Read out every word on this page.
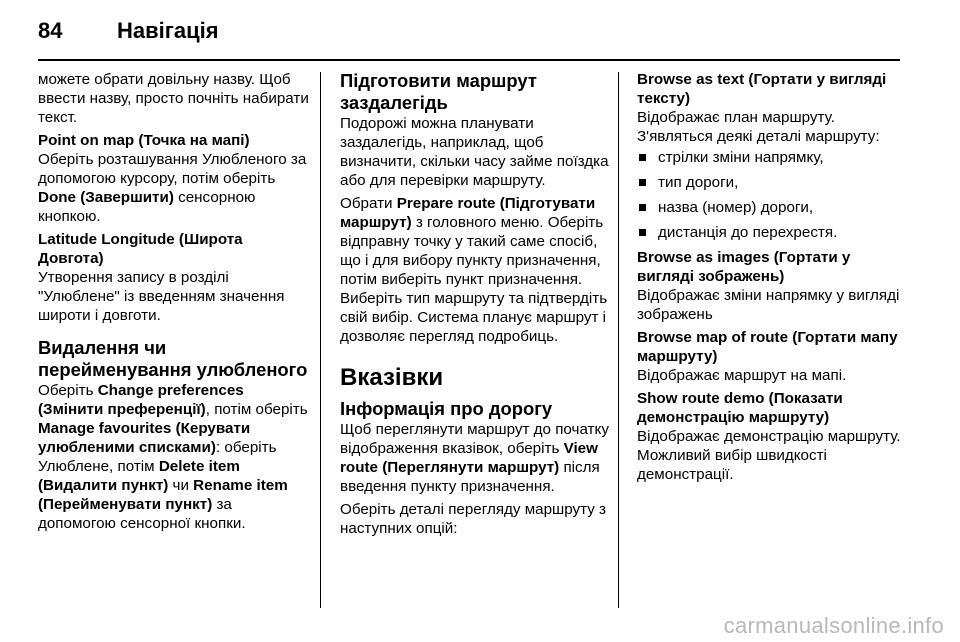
84 Навігація

можете обрати довільну назву. Щоб ввести назву, просто почніть набирати текст.

Point on map (Точка на мапі)

Оберіть розташування Улюбленого за допомогою курсору, потім оберіть Done (Завершити) сенсорною кнопкою.

Latitude Longitude (Широта Довгота)

Утворення запису в розділі "Улюблене" із введенням значення широти і довготи.

Видалення чи перейменування улюбленого

Оберіть Change preferences (Змінити преференції), потім оберіть Manage favourites (Керувати улюбленими списками): оберіть Улюблене, потім Delete item (Видалити пункт) чи Rename item (Перейменувати пункт) за допомогою сенсорної кнопки.

Підготовити маршрут заздалегідь

Подорожі можна планувати заздалегідь, наприклад, щоб визначити, скільки часу займе поїздка або для перевірки маршруту.

Обрати Prepare route (Підготувати маршрут) з головного меню. Оберіть відправну точку у такий саме спосіб, що і для вибору пункту призначення, потім виберіть пункт призначення. Виберіть тип маршруту та підтвердіть свій вибір. Система планує маршрут і дозволяє перегляд подробиць.

Вказівки

Інформація про дорогу

Щоб переглянути маршрут до початку відображення вказівок, оберіть View route (Переглянути маршрут) після введення пункту призначення.

Оберіть деталі перегляду маршруту з наступних опцій:

Browse as text (Гортати у вигляді тексту)

Відображає план маршруту.

З'являться деякі деталі маршруту:

стрілки зміни напрямку,
тип дороги,
назва (номер) дороги,
дистанція до перехрестя.

Browse as images (Гортати у вигляді зображень)

Відображає зміни напрямку у вигляді зображень

Browse map of route (Гортати мапу маршруту)

Відображає маршрут на мапі.

Show route demo (Показати демонстрацію маршруту)

Відображає демонстрацію маршруту. Можливий вибір швидкості демонстрації.

carmanualsonline.info
